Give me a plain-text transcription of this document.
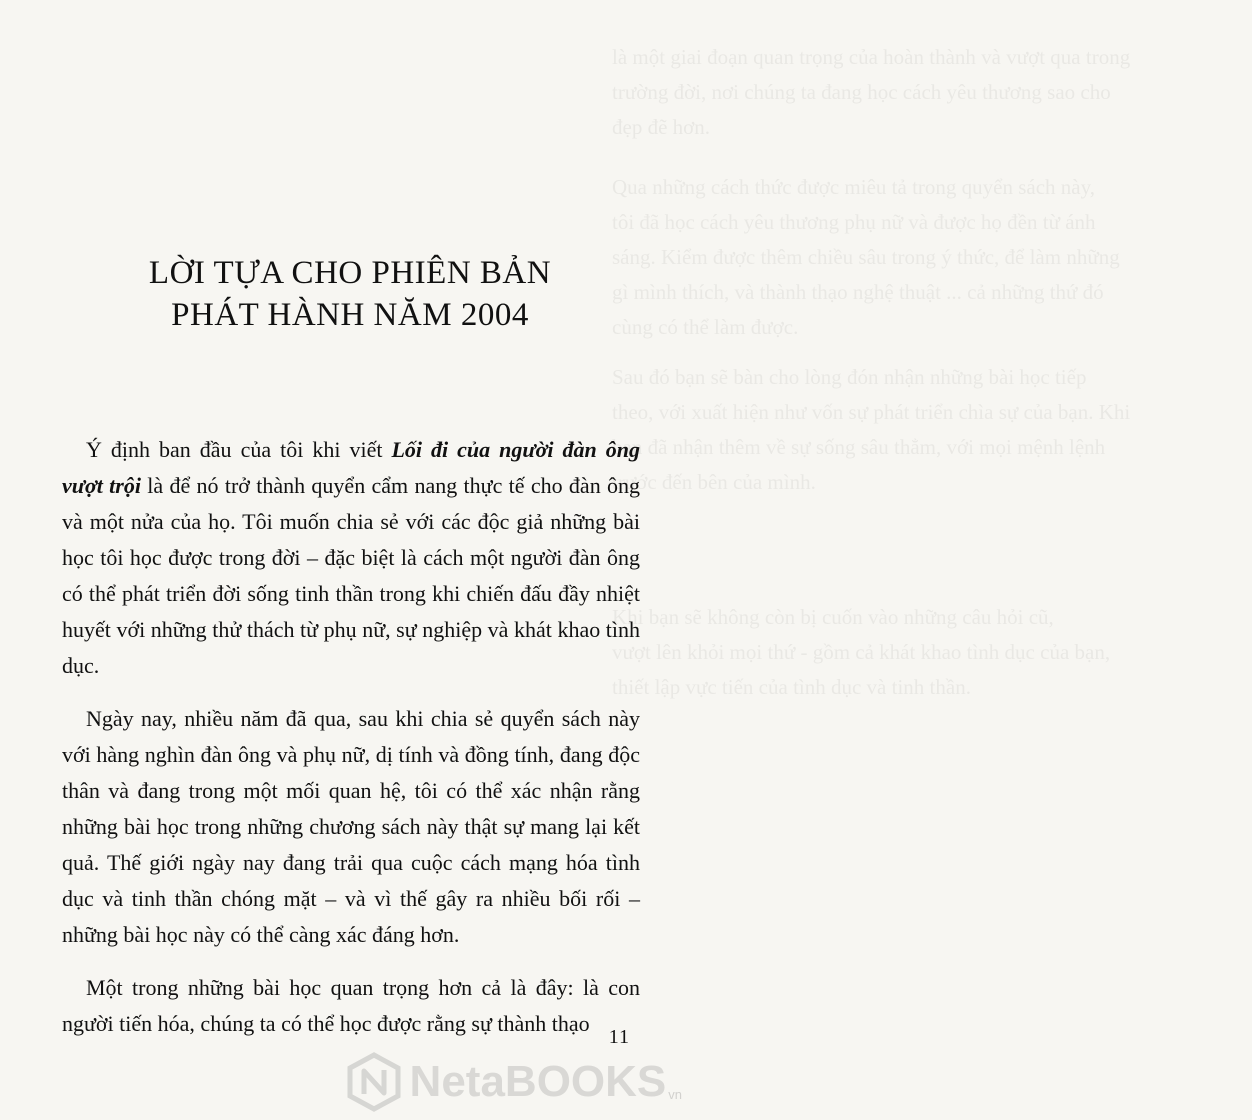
là một giai đoạn quan trọng của hoàn thành và vượt qua trong

trường đời, nơi chúng ta đang học cách yêu thương sao cho

đẹp đẽ hơn.

Qua những cách thức được miêu tả trong quyển sách này,

tôi đã học cách yêu thương phụ nữ và được họ đền từ ánh

sáng. Kiểm được thêm chiều sâu trong ý thức, để làm những

gì mình thích, và thành thạo nghệ thuật ... cả những thứ đó

cùng có thể làm được.

Sau đó bạn sẽ bàn cho lòng đón nhận những bài học tiếp

theo, với xuất hiện như vốn sự phát triển chìa sự của bạn. Khi

bạn đã nhận thêm về sự sống sâu thẳm, với mọi mệnh lệnh

trước đến bên của mình.

Khi bạn sẽ không còn bị cuốn vào những câu hỏi cũ,

vượt lên khỏi mọi thứ - gồm cả khát khao tình dục của bạn,

thiết lập vực tiến của tình dục và tinh thần.

LỜI TỰA CHO PHIÊN BẢN
PHÁT HÀNH NĂM 2004

Ý định ban đầu của tôi khi viết Lối đi của người đàn ông vượt trội là để nó trở thành quyển cẩm nang thực tế cho đàn ông và một nửa của họ. Tôi muốn chia sẻ với các độc giả những bài học tôi học được trong đời – đặc biệt là cách một người đàn ông có thể phát triển đời sống tinh thần trong khi chiến đấu đầy nhiệt huyết với những thử thách từ phụ nữ, sự nghiệp và khát khao tình dục.

Ngày nay, nhiều năm đã qua, sau khi chia sẻ quyển sách này với hàng nghìn đàn ông và phụ nữ, dị tính và đồng tính, đang độc thân và đang trong một mối quan hệ, tôi có thể xác nhận rằng những bài học trong những chương sách này thật sự mang lại kết quả. Thế giới ngày nay đang trải qua cuộc cách mạng hóa tình dục và tinh thần chóng mặt – và vì thế gây ra nhiều bối rối – những bài học này có thể càng xác đáng hơn.

Một trong những bài học quan trọng hơn cả là đây: là con người tiến hóa, chúng ta có thể học được rằng sự thành thạo

11
NetaBOOKS vn
